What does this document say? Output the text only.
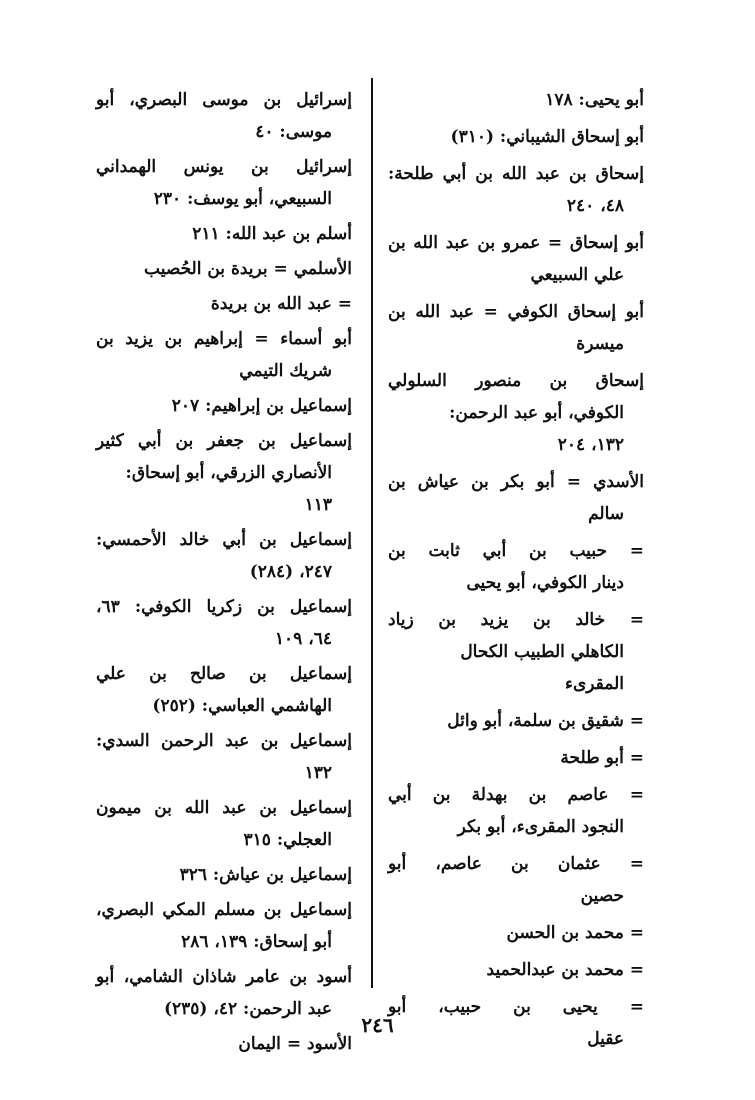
أبو يحيى: ١٧٨
أبو إسحاق الشيباني: (٣١٠)
إسحاق بن عبد الله بن أبي طلحة:
٤٨، ٢٤٠
أبو إسحاق = عمرو بن عبد الله بن
علي السبيعي
أبو إسحاق الكوفي = عبد الله بن
ميسرة
إسحاق بن منصور السلولي
الكوفي، أبو عبد الرحمن:
١٣٢، ٢٠٤
الأسدي = أبو بكر بن عياش بن
سالم
= حبيب بن أبي ثابت بن
دينار الكوفي، أبو يحيى
= خالد بن يزيد بن زياد
الكاهلي الطبيب الكحال
المقرىء
= شقيق بن سلمة، أبو وائل
= أبو طلحة
= عاصم بن بهدلة بن أبي
النجود المقرىء، أبو بكر
= عثمان بن عاصم، أبو
حصين
= محمد بن الحسن
= محمد بن عبدالحميد
= يحيى بن حبيب، أبو
عقيل
إسرائيل بن موسى البصري، أبو
موسى: ٤٠
إسرائيل بن يونس الهمداني
السبيعي، أبو يوسف: ٢٣٠
أسلم بن عبد الله: ٢١١
الأسلمي = بريدة بن الحُصيب
= عبد الله بن بريدة
أبو أسماء = إبراهيم بن يزيد بن
شريك التيمي
إسماعيل بن إبراهيم: ٢٠٧
إسماعيل بن جعفر بن أبي كثير
الأنصاري الزرقي، أبو إسحاق:
١١٣
إسماعيل بن أبي خالد الأحمسي:
٢٤٧، (٢٨٤)
إسماعيل بن زكريا الكوفي: ٦٣،
٦٤، ١٠٩
إسماعيل بن صالح بن علي
الهاشمي العباسي: (٢٥٢)
إسماعيل بن عبد الرحمن السدي:
١٣٢
إسماعيل بن عبد الله بن ميمون
العجلي: ٣١٥
إسماعيل بن عياش: ٣٢٦
إسماعيل بن مسلم المكي البصري،
أبو إسحاق: ١٣٩، ٢٨٦
أسود بن عامر شاذان الشامي، أبو
عبد الرحمن: ٤٢، (٢٣٥)
الأسود = اليمان
٢٤٦
